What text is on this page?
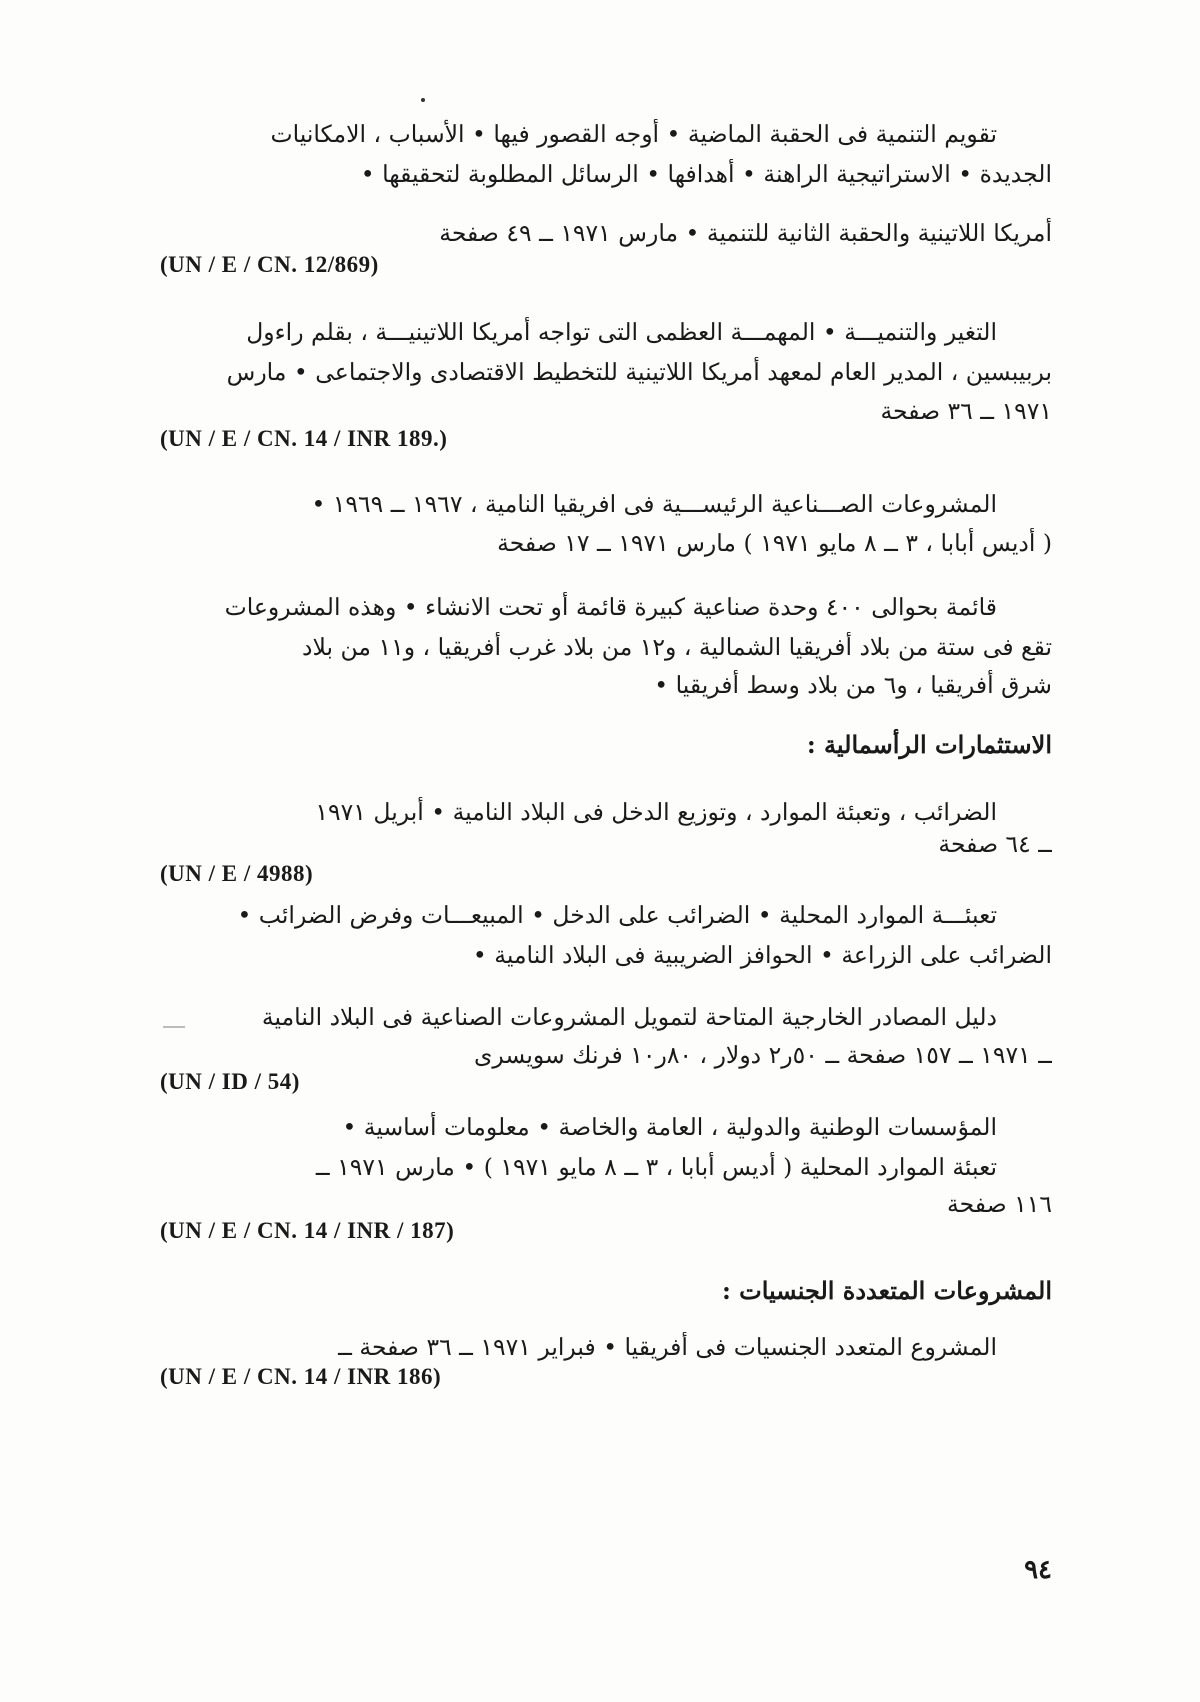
تقويم التنمية فى الحقبة الماضية • أوجه القصور فيها • الأسباب ، الامكانيات
الجديدة • الاستراتيجية الراهنة • أهدافها • الرسائل المطلوبة لتحقيقها •
أمريكا اللاتينية والحقبة الثانية للتنمية • مارس ١٩٧١ ــ ٤٩ صفحة
(UN / E / CN. 12/869)
التغير والتنميـــة • المهمـــة العظمى التى تواجه أمريكا اللاتينيـــة ، بقلم راءول
بربيبسين ، المدير العام لمعهد أمريكا اللاتينية للتخطيط الاقتصادى والاجتماعى • مارس
١٩٧١ ــ ٣٦ صفحة
(UN / E / CN. 14 / INR 189.)
المشروعات الصـــناعية الرئيســـية فى افريقيا النامية ، ١٩٦٧ ــ ١٩٦٩ •
( أديس أبابا ، ٣ ــ ٨ مايو ١٩٧١ ) مارس ١٩٧١ ــ ١٧ صفحة
قائمة بحوالى ٤٠٠ وحدة صناعية كبيرة قائمة أو تحت الانشاء • وهذه المشروعات
تقع فى ستة من بلاد أفريقيا الشمالية ، و١٢ من بلاد غرب أفريقيا ، و١١ من بلاد
شرق أفريقيا ، و٦ من بلاد وسط أفريقيا •
الاستثمارات الرأسمالية :
الضرائب ، وتعبئة الموارد ، وتوزيع الدخل فى البلاد النامية • أبريل ١٩٧١
ــ ٦٤ صفحة
(UN / E / 4988)
تعبئـــة الموارد المحلية • الضرائب على الدخل • المبيعـــات وفرض الضرائب •
الضرائب على الزراعة • الحوافز الضريبية فى البلاد النامية •
دليل المصادر الخارجية المتاحة لتمويل المشروعات الصناعية فى البلاد النامية
ــ ١٩٧١ ــ ١٥٧ صفحة ــ ٥٠ر٢ دولار ، ٨٠ر١٠ فرنك سويسرى
(UN / ID / 54)
المؤسسات الوطنية والدولية ، العامة والخاصة • معلومات أساسية •
تعبئة الموارد المحلية ( أديس أبابا ، ٣ ــ ٨ مايو ١٩٧١ ) • مارس ١٩٧١ ــ
١١٦ صفحة
(UN / E / CN. 14 / INR / 187)
المشروعات المتعددة الجنسيات :
المشروع المتعدد الجنسيات فى أفريقيا • فبراير ١٩٧١ ــ ٣٦ صفحة ــ
(UN / E / CN. 14 / INR 186)
٩٤
